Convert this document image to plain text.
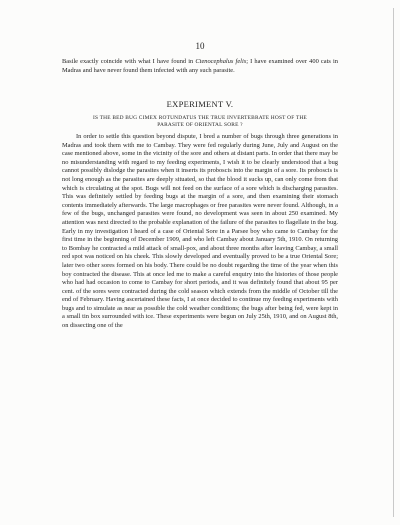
10

Basile exactly coincide with what I have found in Ctenocephalus felis; I have examined over 400 cats in Madras and have never found them infected with any such parasite.

EXPERIMENT V.
IS THE BED BUG CIMEX ROTUNDATUS THE TRUE INVERTEBRATE HOST OF THE
PARASITE OF ORIENTAL SORE ?

In order to settle this question beyond dispute, I bred a number of bugs through three generations in Madras and took them with me to Cambay. They were fed regularly during June, July and August on the case mentioned above, some in the vicinity of the sore and others at distant parts. In order that there may be no misunderstanding with regard to my feeding experiments, I wish it to be clearly understood that a bug cannot possibly dislodge the parasites when it inserts its proboscis into the margin of a sore. Its proboscis is not long enough as the parasites are deeply situated, so that the blood it sucks up, can only come from that which is circulating at the spot. Bugs will not feed on the surface of a sore which is discharging parasites. This was definitely settled by feeding bugs at the margin of a sore, and then examining their stomach contents immediately afterwards. The large macrophages or free parasites were never found. Although, in a few of the bugs, unchanged parasites were found, no development was seen in about 250 examined. My attention was next directed to the probable explanation of the failure of the parasites to flagellate in the bug. Early in my investigation I heard of a case of Oriental Sore in a Parsee boy who came to Cambay for the first time in the beginning of December 1909, and who left Cambay about January 5th, 1910. On returning to Bombay he contracted a mild attack of small-pox, and about three months after leaving Cambay, a small red spot was noticed on his cheek. This slowly developed and eventually proved to be a true Oriental Sore; later two other sores formed on his body. There could be no doubt regarding the time of the year when this boy contracted the disease. This at once led me to make a careful enquiry into the histories of those people who had had occasion to come to Cambay for short periods, and it was definitely found that about 95 per cent. of the sores were contracted during the cold season which extends from the middle of October till the end of February. Having ascertained these facts, I at once decided to continue my feeding experiments with bugs and to simulate as near as possible the cold weather conditions; the bugs after being fed, were kept in a small tin box surrounded with ice. These experiments were begun on July 25th, 1910, and on August 8th, on dissecting one of the
